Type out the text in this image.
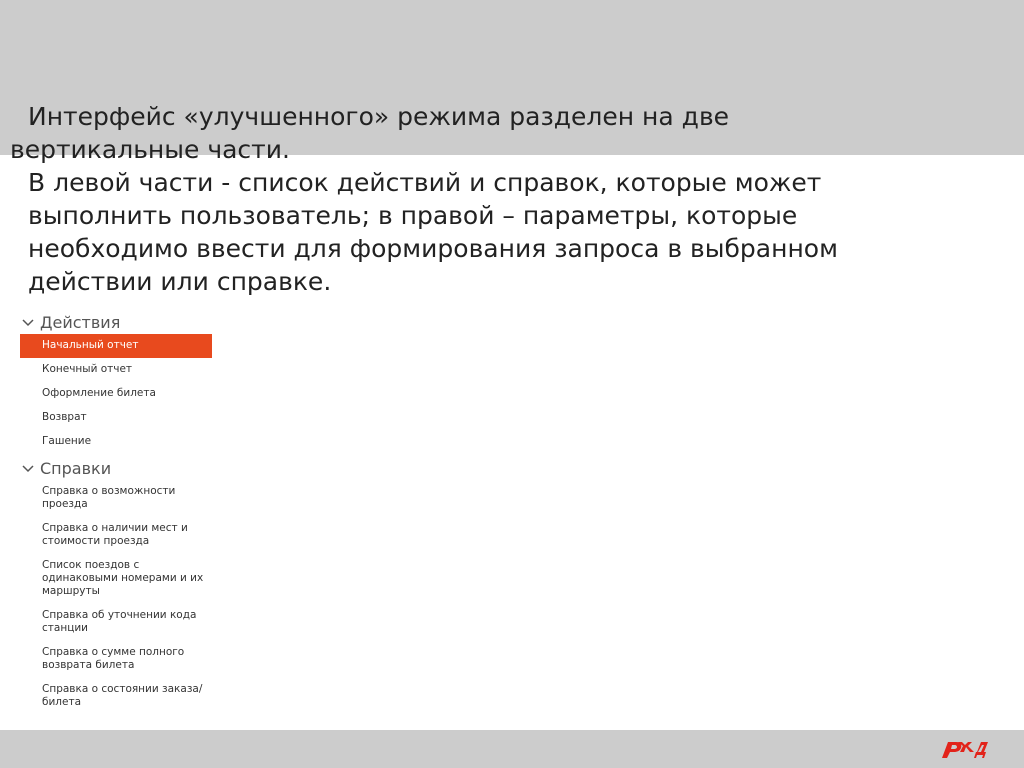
Интерфейс «улучшенного» режима разделен на две

вертикальные части.

В левой части - список действий и справок, которые может выполнить пользователь; в правой – параметры, которые необходимо ввести для формирования запроса в выбранном действии или справке.

Действия
Начальный отчет
Конечный отчет
Оформление билета
Возврат
Гашение
Справки
Справка о возможности проезда
Справка о наличии мест и стоимости проезда
Список поездов с одинаковыми номерами и их маршруты
Справка об уточнении кода станции
Справка о сумме полного возврата билета
Справка о состоянии заказа/билета
